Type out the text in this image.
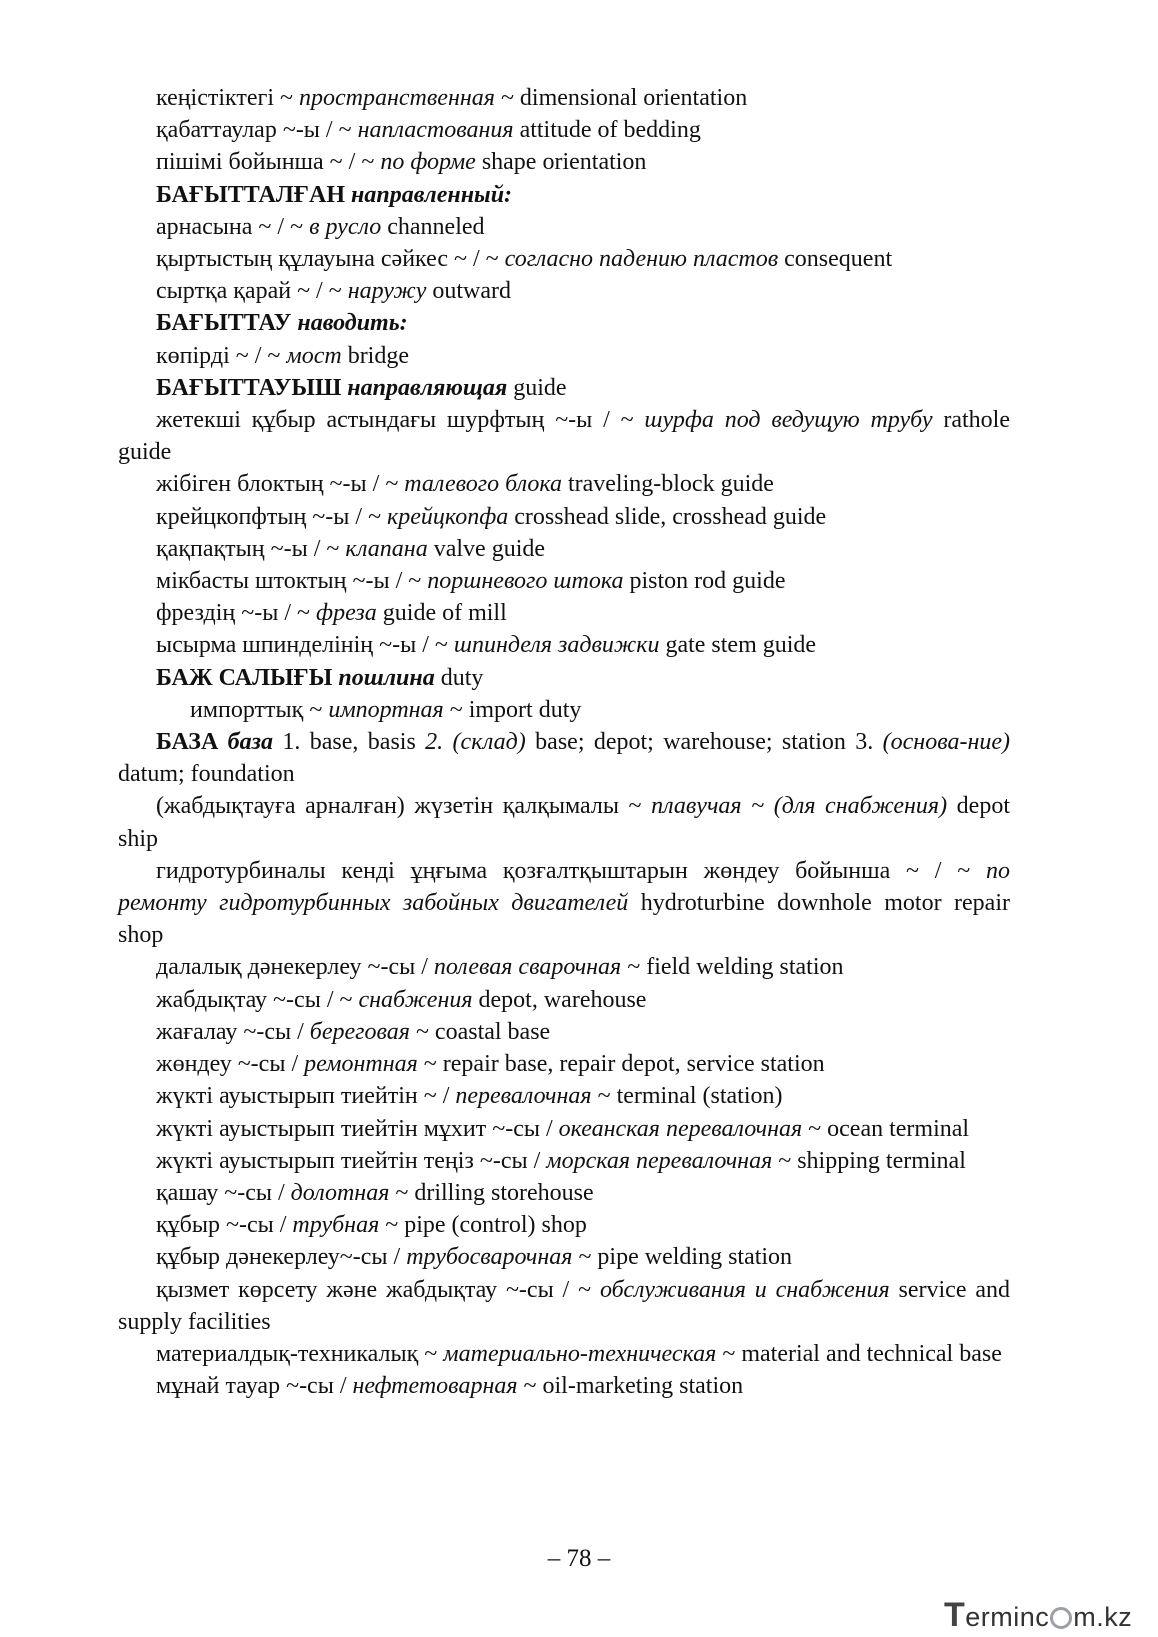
кеңістіктегі ~ пространственная ~ dimensional orientation

қабаттаулар ~-ы / ~ напластования attitude of bedding

пішімі бойынша ~ / ~ по форме shape orientation

БАҒЫТТАЛҒАН направленный:

арнасына ~ / ~ в русло channeled

қыртыстың құлауына сәйкес ~ / ~ согласно падению пластов consequent

сыртқа қарай ~ / ~ наружу outward

БАҒЫТТАУ наводить:

көпірді ~ / ~ мост bridge

БАҒЫТТАУЫШ направляющая guide

жетекші құбыр астындағы шурфтың ~-ы / ~ шурфа под ведущую трубу rathole guide

жібіген блоктың ~-ы / ~ талевого блока traveling-block guide

крейцкопфтың ~-ы / ~ крейцкопфа crosshead slide, crosshead guide

қақпақтың ~-ы / ~ клапана valve guide

мікбасты штоктың ~-ы / ~ поршневого штока piston rod guide

фрездің ~-ы / ~ фреза guide of mill

ысырма шпинделінің ~-ы / ~ шпинделя задвижки gate stem guide

БАЖ САЛЫҒЫ пошлина duty

импорттық ~ импортная ~ import duty

БАЗА база 1. base, basis 2. (склад) base; depot; warehouse; station 3. (основа-ние) datum; foundation

(жабдықтауға арналған) жүзетін қалқымалы ~ плавучая ~ (для снабжения) depot ship

гидротурбиналы кенді ұңғыма қозғалтқыштарын жөндеу бойынша ~ / ~ по ремонту гидротурбинных забойных двигателей hydroturbine downhole motor repair shop

далалық дәнекерлеу ~-сы / полевая сварочная ~ field welding station

жабдықтау ~-сы / ~ снабжения depot, warehouse

жағалау ~-сы / береговая ~ coastal base

жөндеу ~-сы / ремонтная ~ repair base, repair depot, service station

жүкті ауыстырып тиейтін ~ / перевалочная ~ terminal (station)

жүкті ауыстырып тиейтін мұхит ~-сы / океанская перевалочная ~ ocean terminal

жүкті ауыстырып тиейтін теңіз ~-сы / морская перевалочная ~ shipping terminal

қашау ~-сы / долотная ~ drilling storehouse

құбыр ~-сы / трубная ~ pipe (control) shop

құбыр дәнекерлеу~-сы / трубосварочная ~ pipe welding station

қызмет көрсету және жабдықтау ~-сы / ~ обслуживания и снабжения service and supply facilities

материалдық-техникалық ~ материально-техническая ~ material and technical base

мұнай тауар ~-сы / нефтетоварная ~ oil-marketing station

– 78 –
Terminc m.kz
